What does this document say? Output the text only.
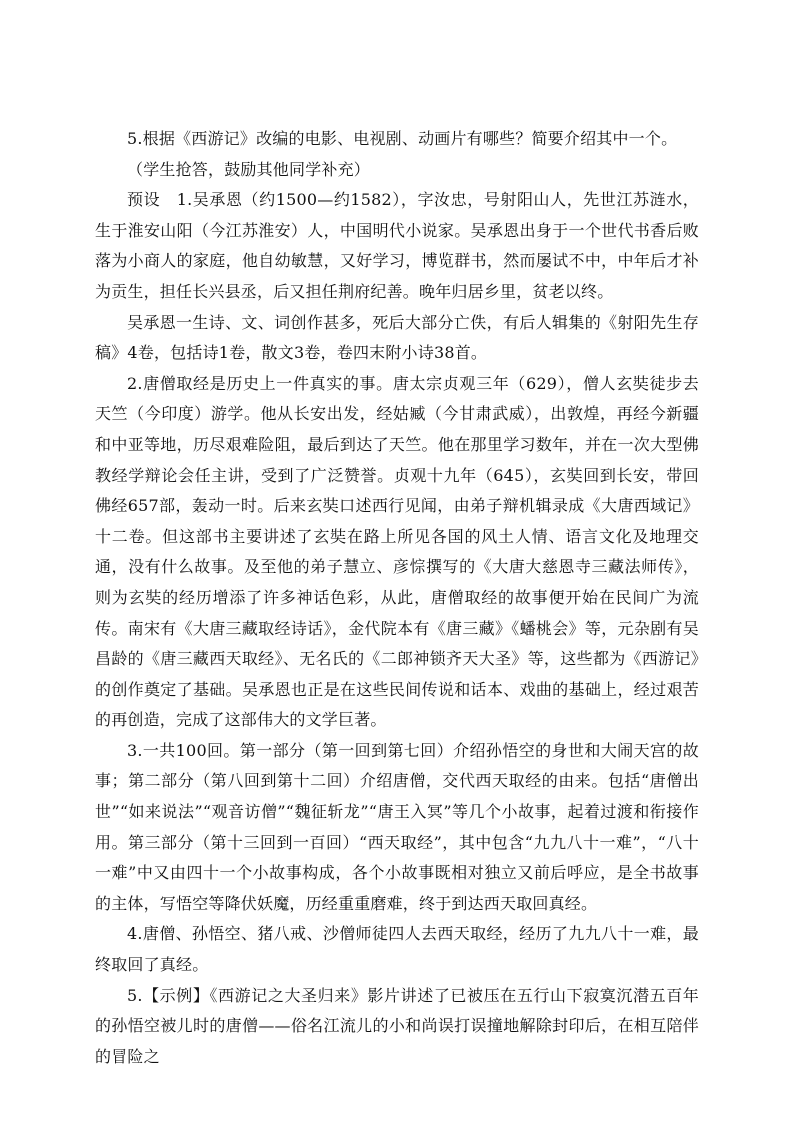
5.根据《西游记》改编的电影、电视剧、动画片有哪些？简要介绍其中一个。

（学生抢答，鼓励其他同学补充）

预设　1.吴承恩（约1500—约1582），字汝忠，号射阳山人，先世江苏涟水，生于淮安山阳（今江苏淮安）人，中国明代小说家。吴承恩出身于一个世代书香后败落为小商人的家庭，他自幼敏慧，又好学习，博览群书，然而屡试不中，中年后才补为贡生，担任长兴县丞，后又担任荆府纪善。晚年归居乡里，贫老以终。

吴承恩一生诗、文、词创作甚多，死后大部分亡佚，有后人辑集的《射阳先生存稿》4卷，包括诗1卷，散文3卷，卷四末附小诗38首。

2.唐僧取经是历史上一件真实的事。唐太宗贞观三年（629），僧人玄奘徒步去天竺（今印度）游学。他从长安出发，经姑臧（今甘肃武威），出敦煌，再经今新疆和中亚等地，历尽艰难险阻，最后到达了天竺。他在那里学习数年，并在一次大型佛教经学辩论会任主讲，受到了广泛赞誉。贞观十九年（645），玄奘回到长安，带回佛经657部，轰动一时。后来玄奘口述西行见闻，由弟子辩机辑录成《大唐西域记》十二卷。但这部书主要讲述了玄奘在路上所见各国的风土人情、语言文化及地理交通，没有什么故事。及至他的弟子慧立、彦悰撰写的《大唐大慈恩寺三藏法师传》，则为玄奘的经历增添了许多神话色彩，从此，唐僧取经的故事便开始在民间广为流传。南宋有《大唐三藏取经诗话》，金代院本有《唐三藏》《蟠桃会》等，元杂剧有吴昌龄的《唐三藏西天取经》、无名氏的《二郎神锁齐天大圣》等，这些都为《西游记》的创作奠定了基础。吴承恩也正是在这些民间传说和话本、戏曲的基础上，经过艰苦的再创造，完成了这部伟大的文学巨著。

3.一共100回。第一部分（第一回到第七回）介绍孙悟空的身世和大闹天宫的故事；第二部分（第八回到第十二回）介绍唐僧，交代西天取经的由来。包括“唐僧出世”“如来说法”“观音访僧”“魏征斩龙”“唐王入冥”等几个小故事，起着过渡和衔接作用。第三部分（第十三回到一百回）“西天取经”，其中包含“九九八十一难”，“八十一难”中又由四十一个小故事构成，各个小故事既相对独立又前后呼应，是全书故事的主体，写悟空等降伏妖魔，历经重重磨难，终于到达西天取回真经。

4.唐僧、孙悟空、猪八戒、沙僧师徒四人去西天取经，经历了九九八十一难，最终取回了真经。

5.【示例】《西游记之大圣归来》影片讲述了已被压在五行山下寂寞沉潜五百年的孙悟空被儿时的唐僧——俗名江流儿的小和尚误打误撞地解除封印后，在相互陪伴的冒险之
